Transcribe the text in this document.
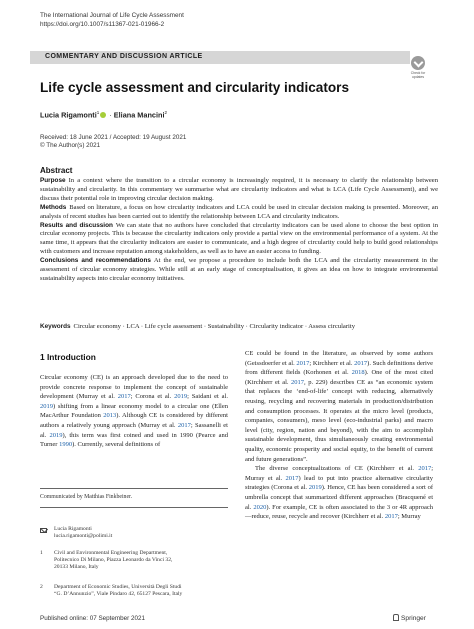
The International Journal of Life Cycle Assessment
https://doi.org/10.1007/s11367-021-01966-2
COMMENTARY AND DISCUSSION ARTICLE
Check for
updates
Life cycle assessment and circularity indicators
Lucia Rigamonti$^1$ · Eliana Mancini$^2$
Received: 18 June 2021 / Accepted: 19 August 2021
© The Author(s) 2021
Abstract

Purpose In a context where the transition to a circular economy is increasingly required, it is necessary to clarify the relationship between sustainability and circularity. In this commentary we summarise what are circularity indicators and what is LCA (Life Cycle Assessment), and we discuss their potential role in improving circular decision making.

Methods Based on literature, a focus on how circularity indicators and LCA could be used in circular decision making is presented. Moreover, an analysis of recent studies has been carried out to identify the relationship between LCA and circularity indicators.

Results and discussion We can state that no authors have concluded that circularity indicators can be used alone to choose the best option in circular economy projects. This is because the circularity indicators only provide a partial view on the environmental performance of a system. At the same time, it appears that the circularity indicators are easier to communicate, and a high degree of circularity could help to build good relationships with customers and increase reputation among stakeholders, as well as to have an easier access to funding.

Conclusions and recommendations At the end, we propose a procedure to include both the LCA and the circularity measurement in the assessment of circular economy strategies. While still at an early stage of conceptualisation, it gives an idea on how to integrate environmental sustainability aspects into circular economy initiatives.

Keywords Circular economy · LCA · Life cycle assessment · Sustainability · Circularity indicator · Assess circularity
1 Introduction

Circular economy (CE) is an approach developed due to the need to provide concrete response to implement the concept of sustainable development (Murray et al. 2017; Corona et al. 2019; Saidani et al. 2019) shifting from a linear economy model to a circular one (Ellen MacArthur Foundation 2013). Although CE is considered by different authors a relatively young approach (Murray et al. 2017; Sassanelli et al. 2019), this term was first coined and used in 1990 (Pearce and Turner 1990). Currently, several definitions of

CE could be found in the literature, as observed by some authors (Geissdoerfer et al. 2017; Kirchherr et al. 2017). Such definitions derive from different fields (Korhonen et al. 2018). One of the most cited (Kirchherr et al. 2017, p. 229) describes CE as “an economic system that replaces the ‘end-of-life’ concept with reducing, alternatively reusing, recycling and recovering materials in production/distribution and consumption processes. It operates at the micro level (products, companies, consumers), meso level (eco-industrial parks) and macro level (city, region, nation and beyond), with the aim to accomplish sustainable development, thus simultaneously creating environmental quality, economic prosperity and social equity, to the benefit of current and future generations”.

The diverse conceptualizations of CE (Kirchherr et al. 2017; Murray et al. 2017) lead to put into practice alternative circularity strategies (Corona et al. 2019). Hence, CE has been considered a sort of umbrella concept that summarized different approaches (Bracquené et al. 2020). For example, CE is often associated to the 3 or 4R approach—reduce, reuse, recycle and recover (Kirchherr et al. 2017; Murray

Communicated by Matthias Finkbeiner.
Lucia Rigamonti
lucia.rigamonti@polimi.it
1 Civil and Environmental Engineering Department,
Politecnico Di Milano, Piazza Leonardo da Vinci 32,
20133 Milano, Italy
2 Department of Economic Studies, Università Degli Studi
“G. D’Annunzio”, Viale Pindaro 42, 65127 Pescara, Italy
Published online: 07 September 2021	Springer
